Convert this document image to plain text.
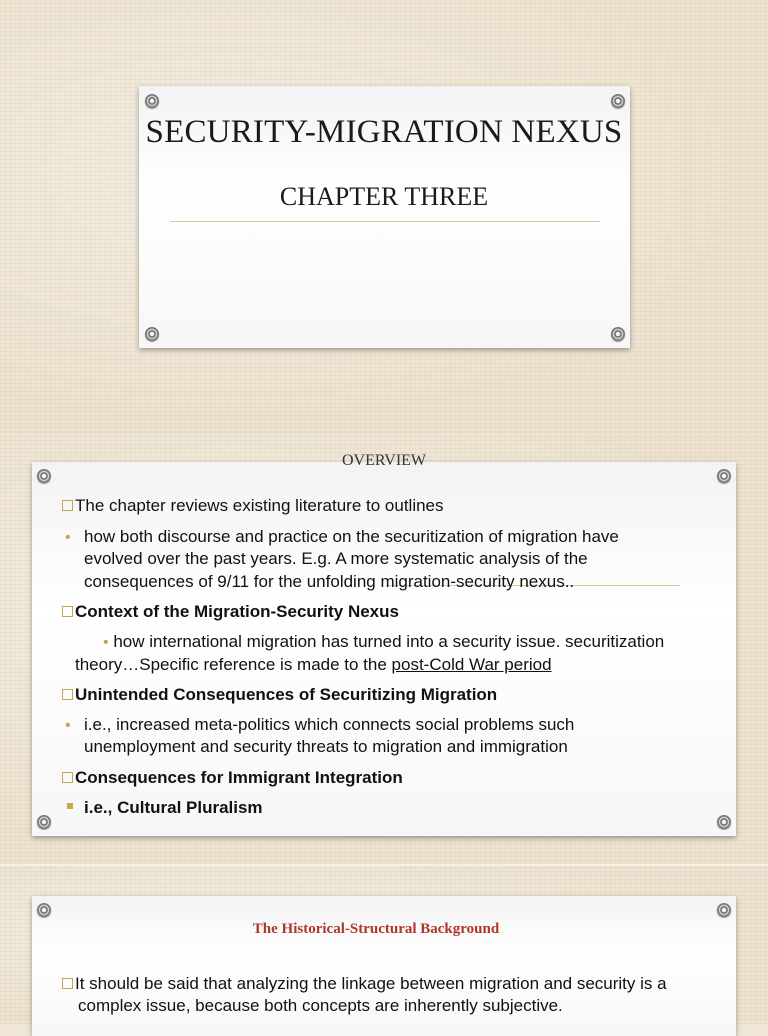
SECURITY-MIGRATION NEXUS
CHAPTER THREE
OVERVIEW
The chapter reviews existing literature to outlines
• how both discourse and practice on the securitization of migration have
evolved over the past years. E.g. A more systematic analysis of the
consequences of 9/11 for the unfolding migration-security nexus..
Context of the Migration-Security Nexus
• how international migration has turned into a security issue. securitization
theory…Specific reference is made to the post-Cold War period
Unintended Consequences of Securitizing Migration
• i.e., increased meta-politics which connects social problems such
unemployment and security threats to migration and immigration
Consequences for Immigrant Integration
i.e., Cultural Pluralism
The Historical-Structural Background
It should be said that analyzing the linkage between migration and security is a
complex issue, because both concepts are inherently subjective.
